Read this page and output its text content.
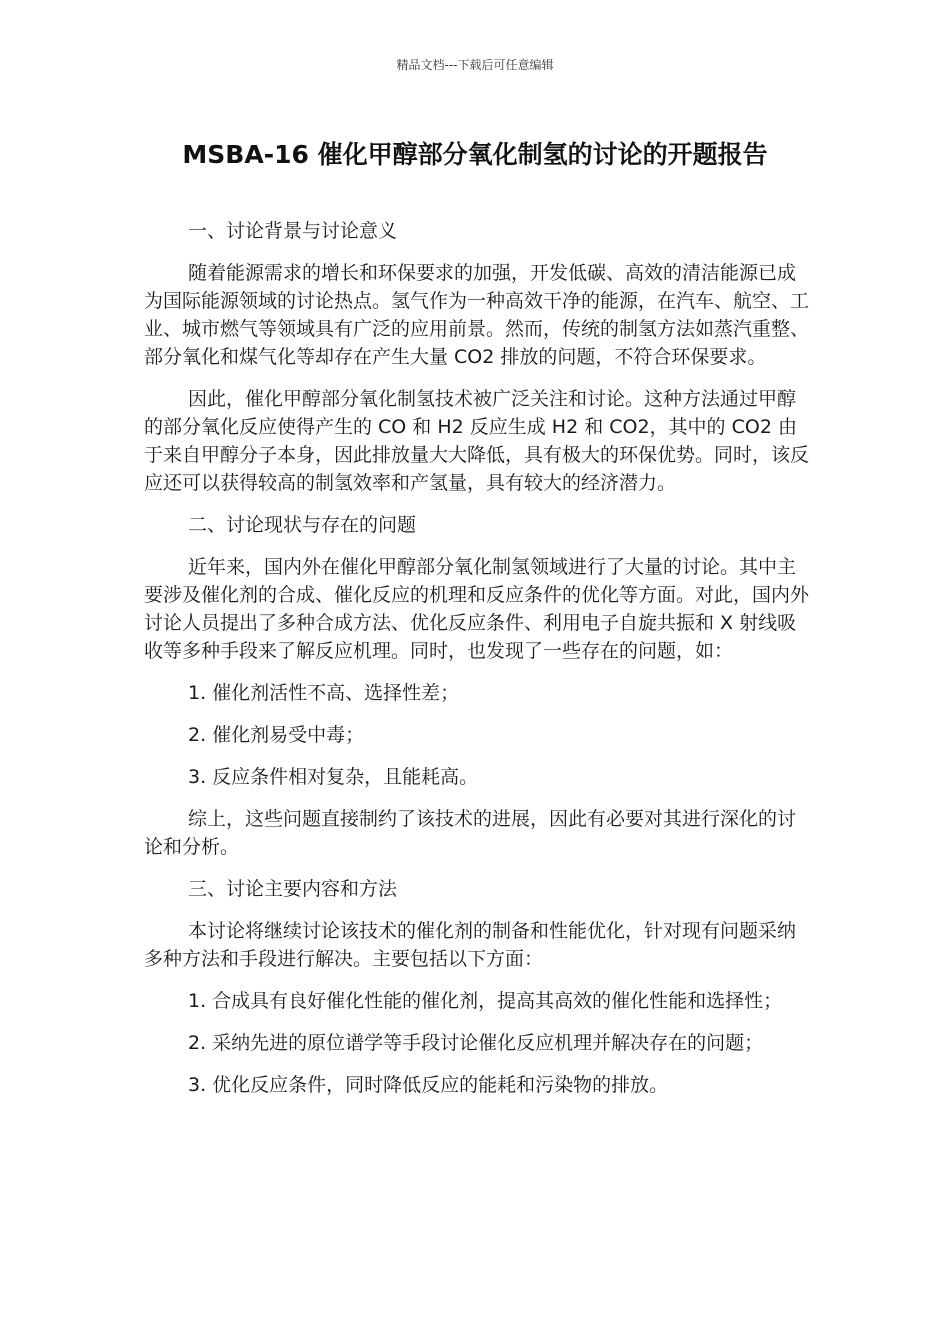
精品文档---下载后可任意编辑
MSBA-16 催化甲醇部分氧化制氢的讨论的开题报告

一、讨论背景与讨论意义

随着能源需求的增长和环保要求的加强，开发低碳、高效的清洁能源已成为国际能源领域的讨论热点。氢气作为一种高效干净的能源，在汽车、航空、工业、城市燃气等领域具有广泛的应用前景。然而，传统的制氢方法如蒸汽重整、部分氧化和煤气化等却存在产生大量 CO2 排放的问题，不符合环保要求。

因此，催化甲醇部分氧化制氢技术被广泛关注和讨论。这种方法通过甲醇的部分氧化反应使得产生的 CO 和 H2 反应生成 H2 和 CO2，其中的 CO2 由于来自甲醇分子本身，因此排放量大大降低，具有极大的环保优势。同时，该反应还可以获得较高的制氢效率和产氢量，具有较大的经济潜力。

二、讨论现状与存在的问题

近年来，国内外在催化甲醇部分氧化制氢领域进行了大量的讨论。其中主要涉及催化剂的合成、催化反应的机理和反应条件的优化等方面。对此，国内外讨论人员提出了多种合成方法、优化反应条件、利用电子自旋共振和 X 射线吸收等多种手段来了解反应机理。同时，也发现了一些存在的问题，如：

1. 催化剂活性不高、选择性差；

2. 催化剂易受中毒；

3. 反应条件相对复杂，且能耗高。

综上，这些问题直接制约了该技术的进展，因此有必要对其进行深化的讨论和分析。

三、讨论主要内容和方法

本讨论将继续讨论该技术的催化剂的制备和性能优化，针对现有问题采纳多种方法和手段进行解决。主要包括以下方面：

1. 合成具有良好催化性能的催化剂，提高其高效的催化性能和选择性；

2. 采纳先进的原位谱学等手段讨论催化反应机理并解决存在的问题；

3. 优化反应条件，同时降低反应的能耗和污染物的排放。
